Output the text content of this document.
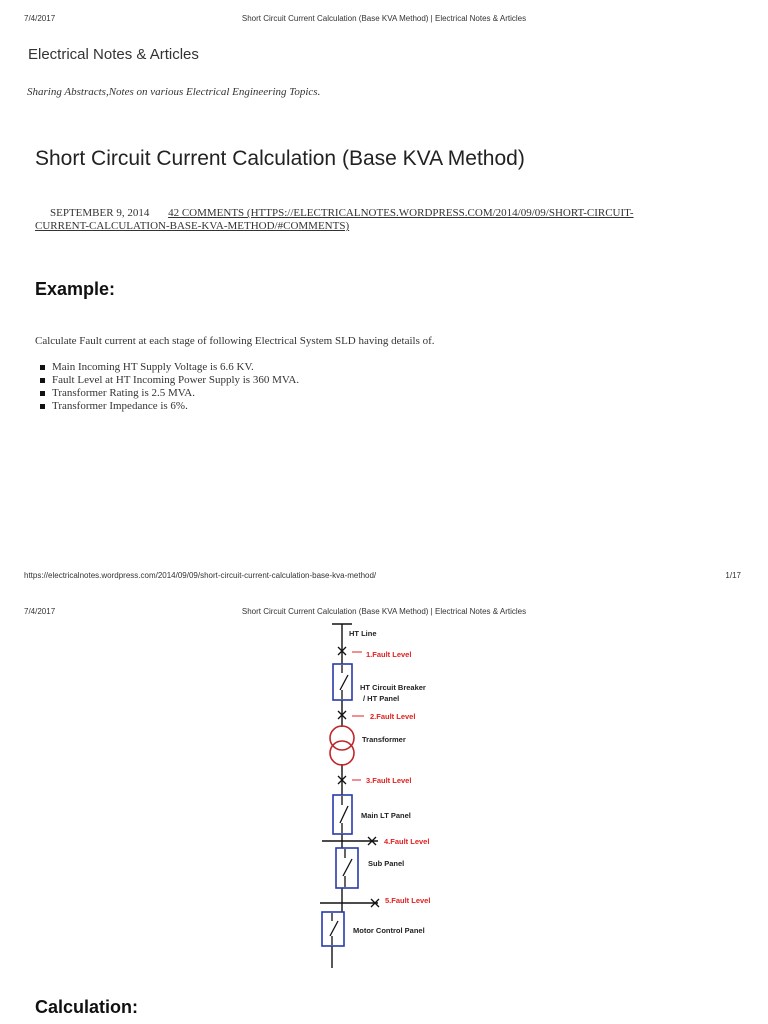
7/4/2017	Short Circuit Current Calculation (Base KVA Method) | Electrical Notes & Articles
Electrical Notes & Articles
Sharing Abstracts,Notes on various Electrical Engineering Topics.
Short Circuit Current Calculation (Base KVA Method)
SEPTEMBER 9, 2014 42 COMMENTS (HTTPS://ELECTRICALNOTES.WORDPRESS.COM/2014/09/09/SHORT-CIRCUIT-
CURRENT-CALCULATION-BASE-KVA-METHOD/#COMMENTS)
Example:
Calculate Fault current at each stage of following Electrical System SLD having details of.
Main Incoming HT Supply Voltage is 6.6 KV.
Fault Level at HT Incoming Power Supply is 360 MVA.
Transformer Rating is 2.5 MVA.
Transformer Impedance is 6%.
https://electricalnotes.wordpress.com/2014/09/09/short-circuit-current-calculation-base-kva-method/	1/17
7/4/2017	Short Circuit Current Calculation (Base KVA Method) | Electrical Notes & Articles
HT Line
1.Fault Level
HT Circuit Breaker
/ HT Panel
2.Fault Level
Transformer
3.Fault Level
Main LT Panel
4.Fault Level
Sub Panel
5.Fault Level
Motor Control Panel
Calculation:
